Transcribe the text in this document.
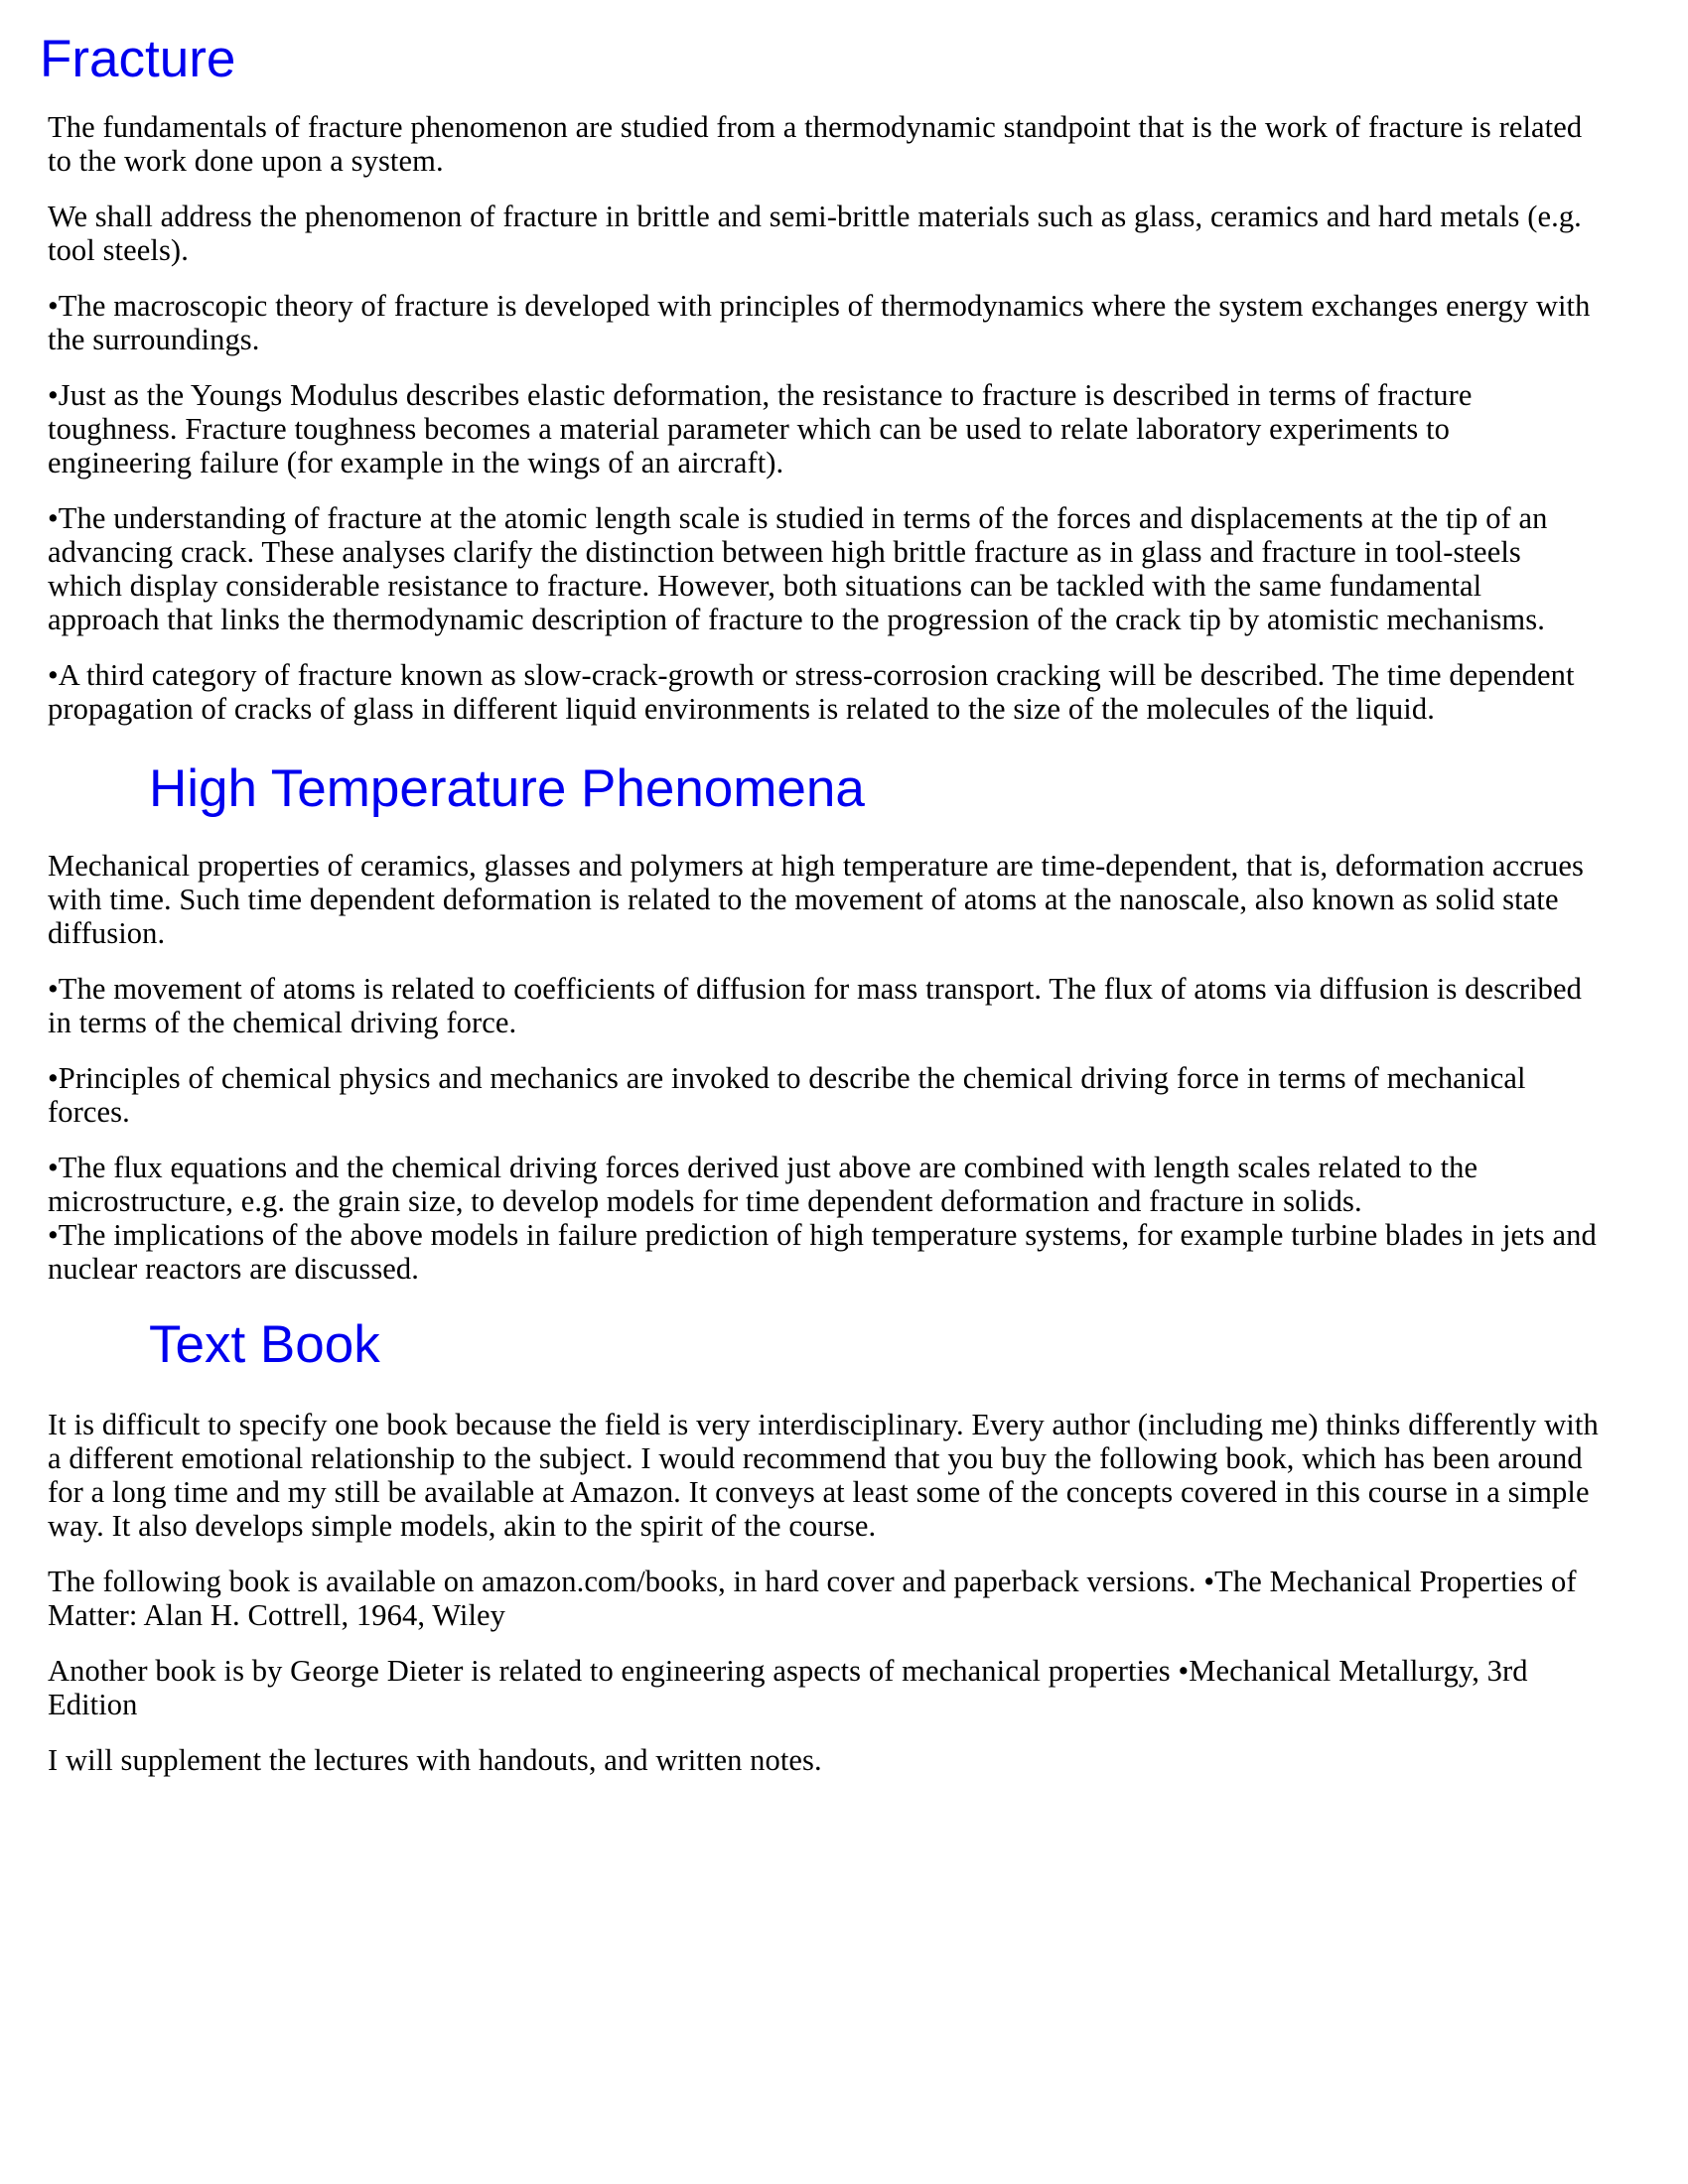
Fracture

The fundamentals of fracture phenomenon are studied from a thermodynamic standpoint that is the work of fracture is related to the work done upon a system.

We shall address the phenomenon of fracture in brittle and semi-brittle materials such as glass, ceramics and hard metals (e.g. tool steels).

•The macroscopic theory of fracture is developed with principles of thermodynamics where the system exchanges energy with the surroundings.

•Just as the Youngs Modulus describes elastic deformation, the resistance to fracture is described in terms of fracture toughness. Fracture toughness becomes a material parameter which can be used to relate laboratory experiments to engineering failure (for example in the wings of an aircraft).

•The understanding of fracture at the atomic length scale is studied in terms of the forces and displacements at the tip of an advancing crack. These analyses clarify the distinction between high brittle fracture as in glass and fracture in tool-steels which display considerable resistance to fracture. However, both situations can be tackled with the same fundamental approach that links the thermodynamic description of fracture to the progression of the crack tip by atomistic mechanisms.

•A third category of fracture known as slow-crack-growth or stress-corrosion cracking will be described. The time dependent propagation of cracks of glass in different liquid environments is related to the size of the molecules of the liquid.

High Temperature Phenomena

Mechanical properties of ceramics, glasses and polymers at high temperature are time-dependent, that is, deformation accrues with time. Such time dependent deformation is related to the movement of atoms at the nanoscale, also known as solid state diffusion.

•The movement of atoms is related to coefficients of diffusion for mass transport. The flux of atoms via diffusion is described in terms of the chemical driving force.

•Principles of chemical physics and mechanics are invoked to describe the chemical driving force in terms of mechanical forces.

•The flux equations and the chemical driving forces derived just above are combined with length scales related to the microstructure, e.g. the grain size, to develop models for time dependent deformation and fracture in solids.

•The implications of the above models in failure prediction of high temperature systems, for example turbine blades in jets and nuclear reactors are discussed.

Text Book

It is difficult to specify one book because the field is very interdisciplinary. Every author (including me) thinks differently with a different emotional relationship to the subject. I would recommend that you buy the following book, which has been around for a long time and my still be available at Amazon. It conveys at least some of the concepts covered in this course in a simple way. It also develops simple models, akin to the spirit of the course.

The following book is available on amazon.com/books, in hard cover and paperback versions. •The Mechanical Properties of Matter: Alan H. Cottrell, 1964, Wiley

Another book is by George Dieter is related to engineering aspects of mechanical properties •Mechanical Metallurgy, 3rd Edition

I will supplement the lectures with handouts, and written notes.
